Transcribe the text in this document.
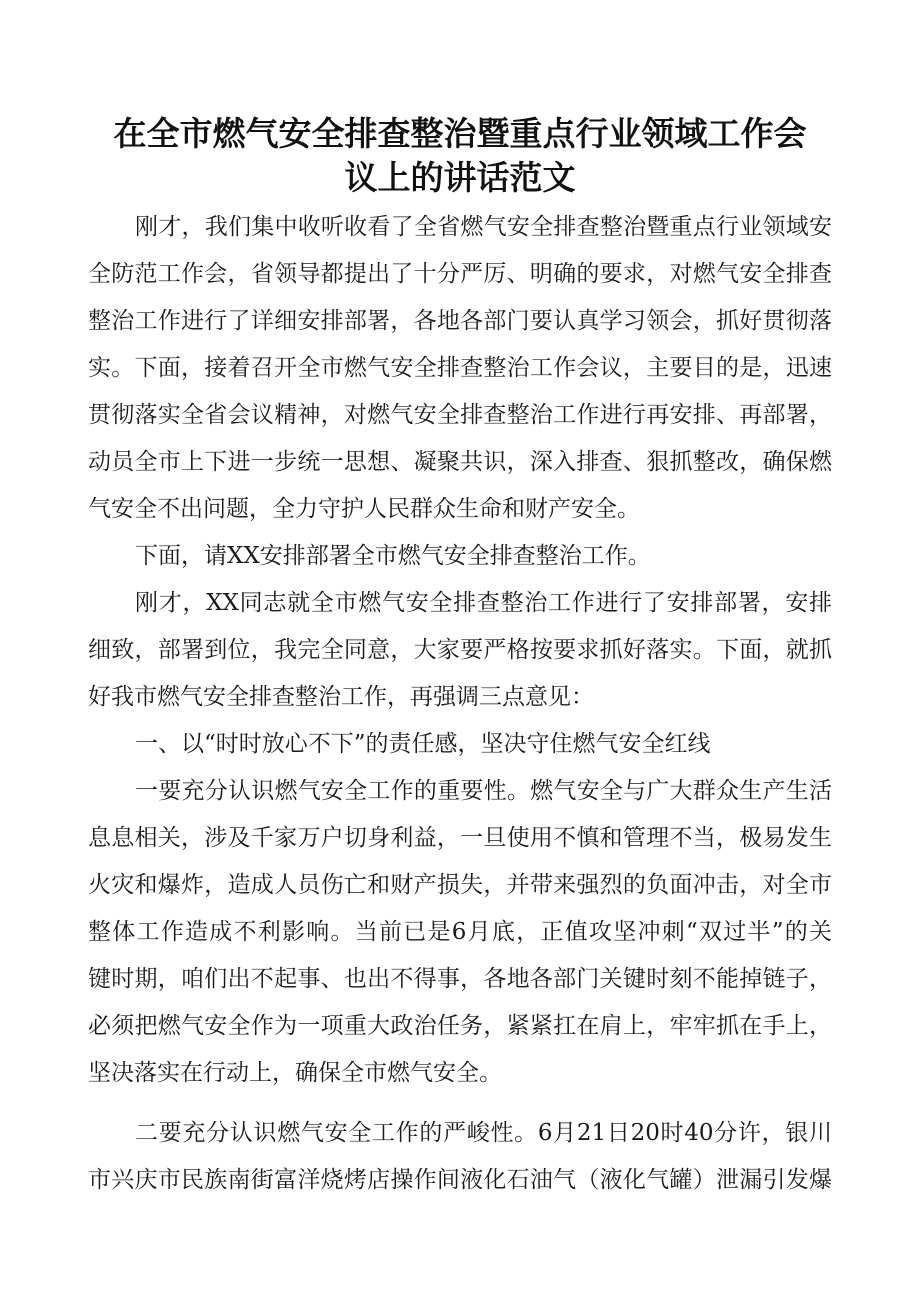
在全市燃气安全排查整治暨重点行业领域工作会
议上的讲话范文

刚才，我们集中收听收看了全省燃气安全排查整治暨重点行业领域安

全防范工作会，省领导都提出了十分严厉、明确的要求，对燃气安全排查

整治工作进行了详细安排部署，各地各部门要认真学习领会，抓好贯彻落

实。下面，接着召开全市燃气安全排查整治工作会议，主要目的是，迅速

贯彻落实全省会议精神，对燃气安全排查整治工作进行再安排、再部署，

动员全市上下进一步统一思想、凝聚共识，深入排查、狠抓整改，确保燃

气安全不出问题，全力守护人民群众生命和财产安全。

下面，请XX安排部署全市燃气安全排查整治工作。

刚才，XX同志就全市燃气安全排查整治工作进行了安排部署，安排

细致，部署到位，我完全同意，大家要严格按要求抓好落实。下面，就抓

好我市燃气安全排查整治工作，再强调三点意见：

一、以“时时放心不下”的责任感，坚决守住燃气安全红线

一要充分认识燃气安全工作的重要性。燃气安全与广大群众生产生活

息息相关，涉及千家万户切身利益，一旦使用不慎和管理不当，极易发生

火灾和爆炸，造成人员伤亡和财产损失，并带来强烈的负面冲击，对全市

整体工作造成不利影响。当前已是6月底，正值攻坚冲刺“双过半”的关

键时期，咱们出不起事、也出不得事，各地各部门关键时刻不能掉链子，

必须把燃气安全作为一项重大政治任务，紧紧扛在肩上，牢牢抓在手上，

坚决落实在行动上，确保全市燃气安全。

二要充分认识燃气安全工作的严峻性。6月21日20时40分许，银川

市兴庆市民族南街富洋烧烤店操作间液化石油气（液化气罐）泄漏引发爆
